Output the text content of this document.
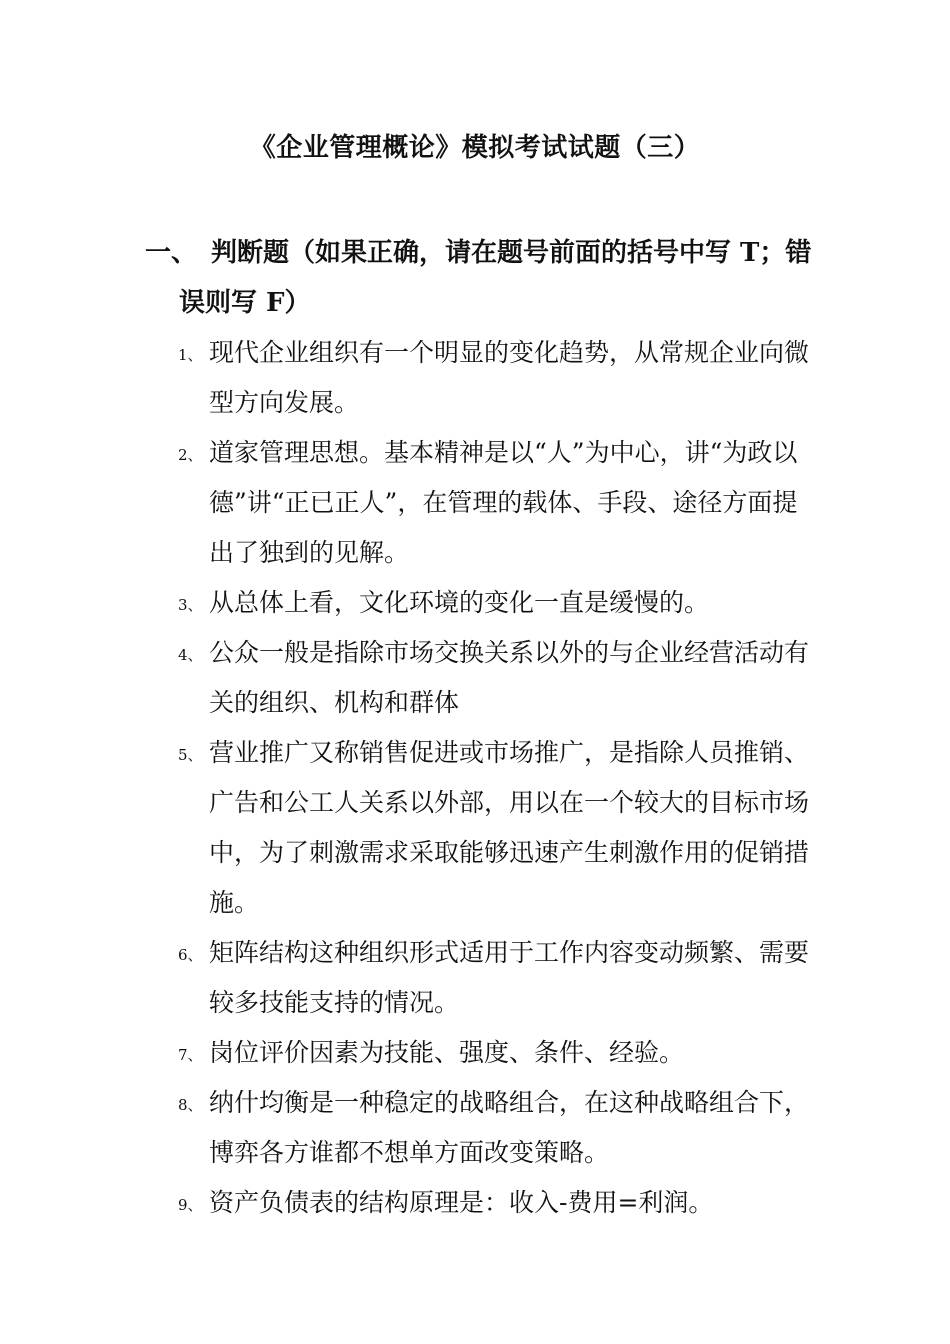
《企业管理概论》模拟考试试题（三）
一、 判断题（如果正确，请在题号前面的括号中写 T；错误则写 F）
1、 现代企业组织有一个明显的变化趋势，从常规企业向微型方向发展。
2、 道家管理思想。基本精神是以“人”为中心，讲“为政以德”讲“正已正人”，在管理的载体、手段、途径方面提出了独到的见解。
3、 从总体上看，文化环境的变化一直是缓慢的。
4、 公众一般是指除市场交换关系以外的与企业经营活动有关的组织、机构和群体
5、 营业推广又称销售促进或市场推广，是指除人员推销、广告和公工人关系以外部，用以在一个较大的目标市场中，为了刺激需求采取能够迅速产生刺激作用的促销措施。
6、 矩阵结构这种组织形式适用于工作内容变动频繁、需要较多技能支持的情况。
7、 岗位评价因素为技能、强度、条件、经验。
8、 纳什均衡是一种稳定的战略组合，在这种战略组合下，博弈各方谁都不想单方面改变策略。
9、 资产负债表的结构原理是：收入-费用=利润。
